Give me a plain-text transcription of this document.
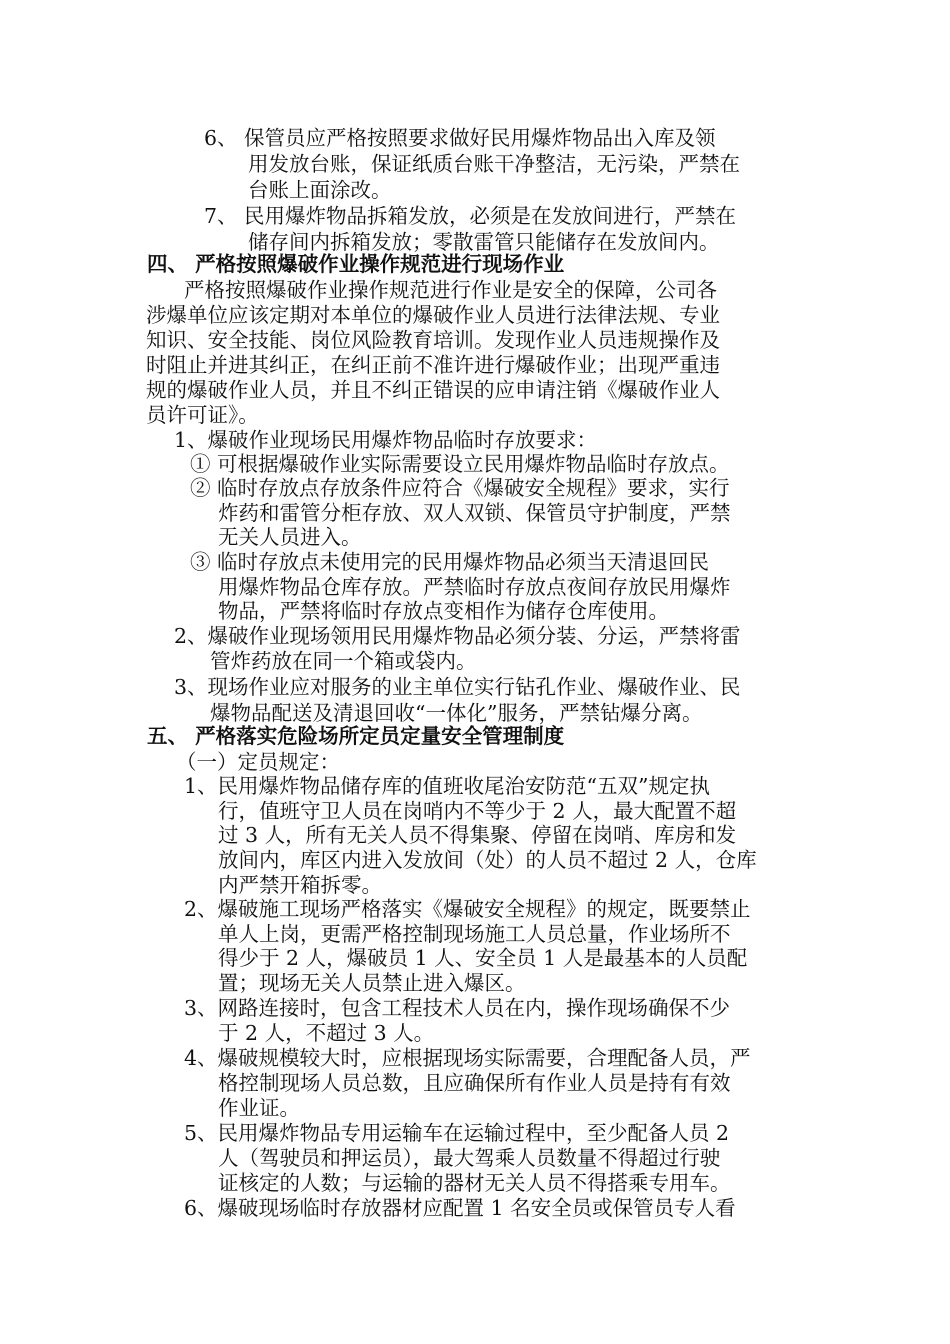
6、 保管员应严格按照要求做好民用爆炸物品出入库及领
用发放台账，保证纸质台账干净整洁，无污染，严禁在
台账上面涂改。
7、 民用爆炸物品拆箱发放，必须是在发放间进行，严禁在
储存间内拆箱发放；零散雷管只能储存在发放间内。
四、 严格按照爆破作业操作规范进行现场作业
严格按照爆破作业操作规范进行作业是安全的保障，公司各
涉爆单位应该定期对本单位的爆破作业人员进行法律法规、专业
知识、安全技能、岗位风险教育培训。发现作业人员违规操作及
时阻止并进其纠正，在纠正前不准许进行爆破作业；出现严重违
规的爆破作业人员，并且不纠正错误的应申请注销《爆破作业人
员许可证》。
1、爆破作业现场民用爆炸物品临时存放要求：
① 可根据爆破作业实际需要设立民用爆炸物品临时存放点。
② 临时存放点存放条件应符合《爆破安全规程》要求，实行
炸药和雷管分柜存放、双人双锁、保管员守护制度，严禁
无关人员进入。
③ 临时存放点未使用完的民用爆炸物品必须当天清退回民
用爆炸物品仓库存放。严禁临时存放点夜间存放民用爆炸
物品，严禁将临时存放点变相作为储存仓库使用。
2、爆破作业现场领用民用爆炸物品必须分装、分运，严禁将雷
管炸药放在同一个箱或袋内。
3、现场作业应对服务的业主单位实行钻孔作业、爆破作业、民
爆物品配送及清退回收“一体化”服务，严禁钻爆分离。
五、 严格落实危险场所定员定量安全管理制度
（一）定员规定：
1、民用爆炸物品储存库的值班收尾治安防范“五双”规定执
行，值班守卫人员在岗哨内不等少于 2 人，最大配置不超
过 3 人，所有无关人员不得集聚、停留在岗哨、库房和发
放间内，库区内进入发放间（处）的人员不超过 2 人，仓库
内严禁开箱拆零。
2、爆破施工现场严格落实《爆破安全规程》的规定，既要禁止
单人上岗，更需严格控制现场施工人员总量，作业场所不
得少于 2 人，爆破员 1 人、安全员 1 人是最基本的人员配
置；现场无关人员禁止进入爆区。
3、网路连接时，包含工程技术人员在内，操作现场确保不少
于 2 人，不超过 3 人。
4、爆破规模较大时，应根据现场实际需要，合理配备人员，严
格控制现场人员总数，且应确保所有作业人员是持有有效
作业证。
5、民用爆炸物品专用运输车在运输过程中，至少配备人员 2
人（驾驶员和押运员），最大驾乘人员数量不得超过行驶
证核定的人数；与运输的器材无关人员不得搭乘专用车。
6、爆破现场临时存放器材应配置 1 名安全员或保管员专人看
